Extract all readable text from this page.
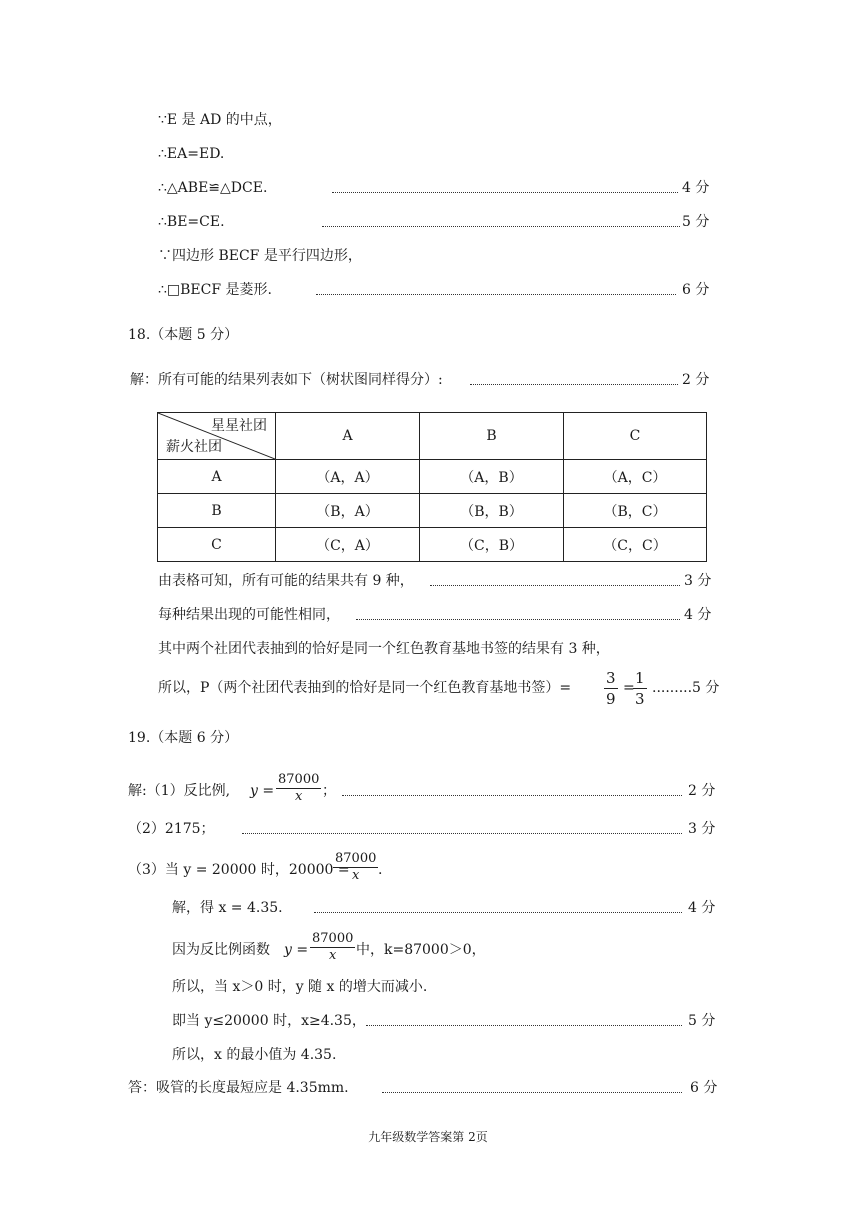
∵E 是 AD 的中点，
∴EA=ED.
∴△ABE≌△DCE.	4 分
∴BE=CE.	5 分
∵四边形 BECF 是平行四边形，
∴□BECF 是菱形.	6 分
18.（本题 5 分）
解：所有可能的结果列表如下（树状图同样得分）:	2 分
星星社团
薪火社团	A	B	C
A	（A，A）	（A，B）	（A，C）
B	（B，A）	（B，B）	（B，C）
C	（C，A）	（C，B）	（C，C）
由表格可知，所有可能的结果共有 9 种，	3 分
每种结果出现的可能性相同，	4 分
其中两个社团代表抽到的恰好是同一个红色教育基地书签的结果有 3 种，
所以，P（两个社团代表抽到的恰好是同一个红色教育基地书签）= $\frac{3}{9}$ =
$\frac{1}{3} .........5$ 分
19.（本题 6 分）
解:（1）反比例, $y = \frac{87000}{x}$ ；	2 分
（2）2175；	3 分
（3）当 y = 20000 时，20000 =
$\frac{87000}{x}$ .
解，得 x = 4.35.	4 分
因为反比例函数 $y = \frac{87000}{x}$ 中，k=87000＞0，
所以，当 x＞0 时，y 随 x 的增大而减小.
即当 y≤20000 时，x≥4.35，	5 分
所以，x 的最小值为 4.35.
答：吸管的长度最短应是 4.35mm.	6 分
九年级数学答案第 2页
